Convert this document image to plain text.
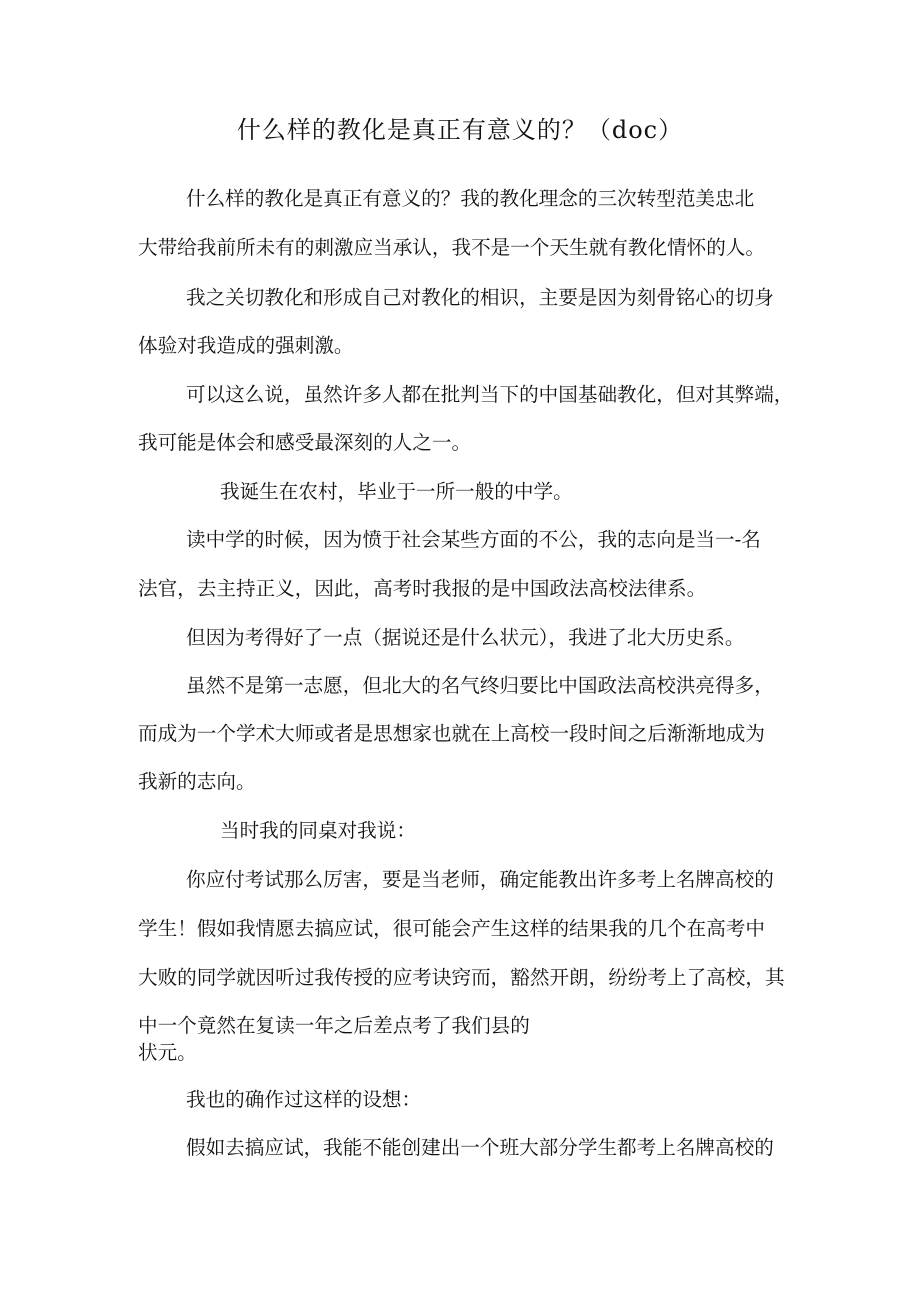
什么样的教化是真正有意义的？（doc）

什么样的教化是真正有意义的？我的教化理念的三次转型范美忠北

大带给我前所未有的刺激应当承认，我不是一个天生就有教化情怀的人。

我之关切教化和形成自己对教化的相识，主要是因为刻骨铭心的切身

体验对我造成的强刺激。

可以这么说，虽然许多人都在批判当下的中国基础教化，但对其弊端，

我可能是体会和感受最深刻的人之一。

我诞生在农村，毕业于一所一般的中学。

读中学的时候，因为愤于社会某些方面的不公，我的志向是当一-名

法官，去主持正义，因此，高考时我报的是中国政法高校法律系。

但因为考得好了一点（据说还是什么状元），我进了北大历史系。

虽然不是第一志愿，但北大的名气终归要比中国政法高校洪亮得多，

而成为一个学术大师或者是思想家也就在上高校一段时间之后渐渐地成为

我新的志向。

当时我的同桌对我说：

你应付考试那么厉害，要是当老师，确定能教出许多考上名牌高校的

学生！假如我情愿去搞应试，很可能会产生这样的结果我的几个在高考中

大败的同学就因听过我传授的应考诀窍而，豁然开朗，纷纷考上了高校，其

中一个竟然在复读一年之后差点考了我们县的

状元。

我也的确作过这样的设想：

假如去搞应试，我能不能创建出一个班大部分学生都考上名牌高校的
